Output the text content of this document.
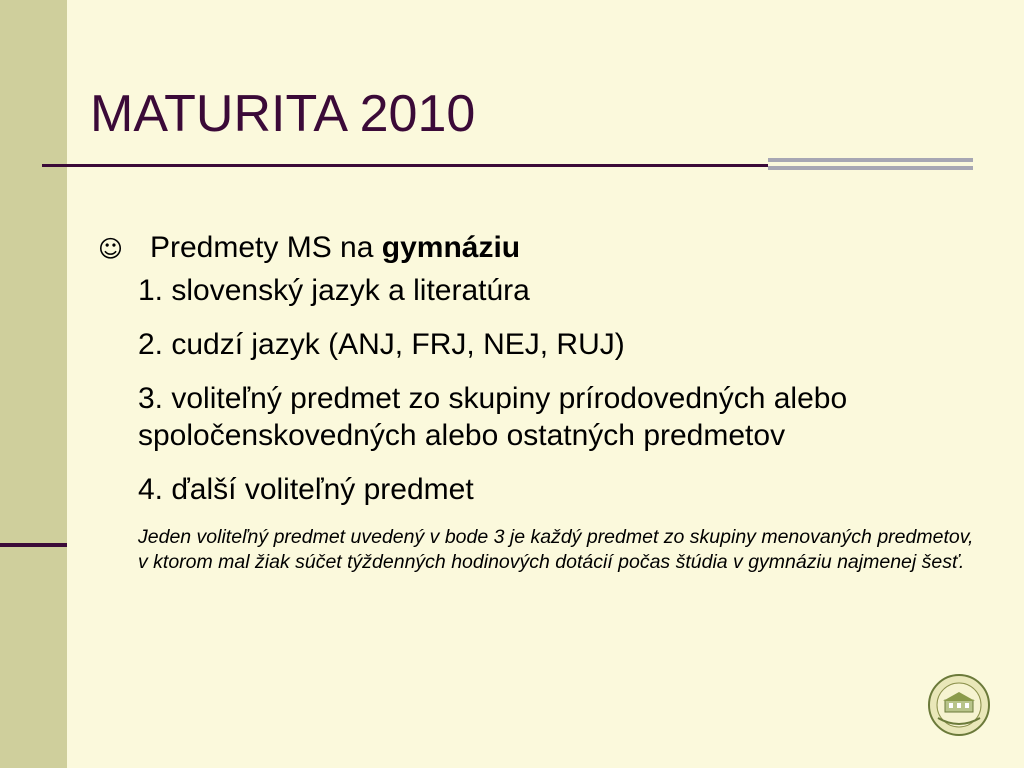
MATURITA 2010
☺ Predmety MS na gymnáziu
1. slovenský jazyk a literatúra
2. cudzí jazyk (ANJ, FRJ, NEJ, RUJ)
3. voliteľný predmet zo skupiny prírodovedných alebo spoločenskovedných alebo ostatných predmetov
4. ďalší voliteľný predmet

Jeden voliteľný predmet uvedený v bode 3 je každý predmet zo skupiny menovaných predmetov, v ktorom mal žiak súčet týždenných hodinových dotácií počas štúdia v gymnáziu najmenej šesť.
